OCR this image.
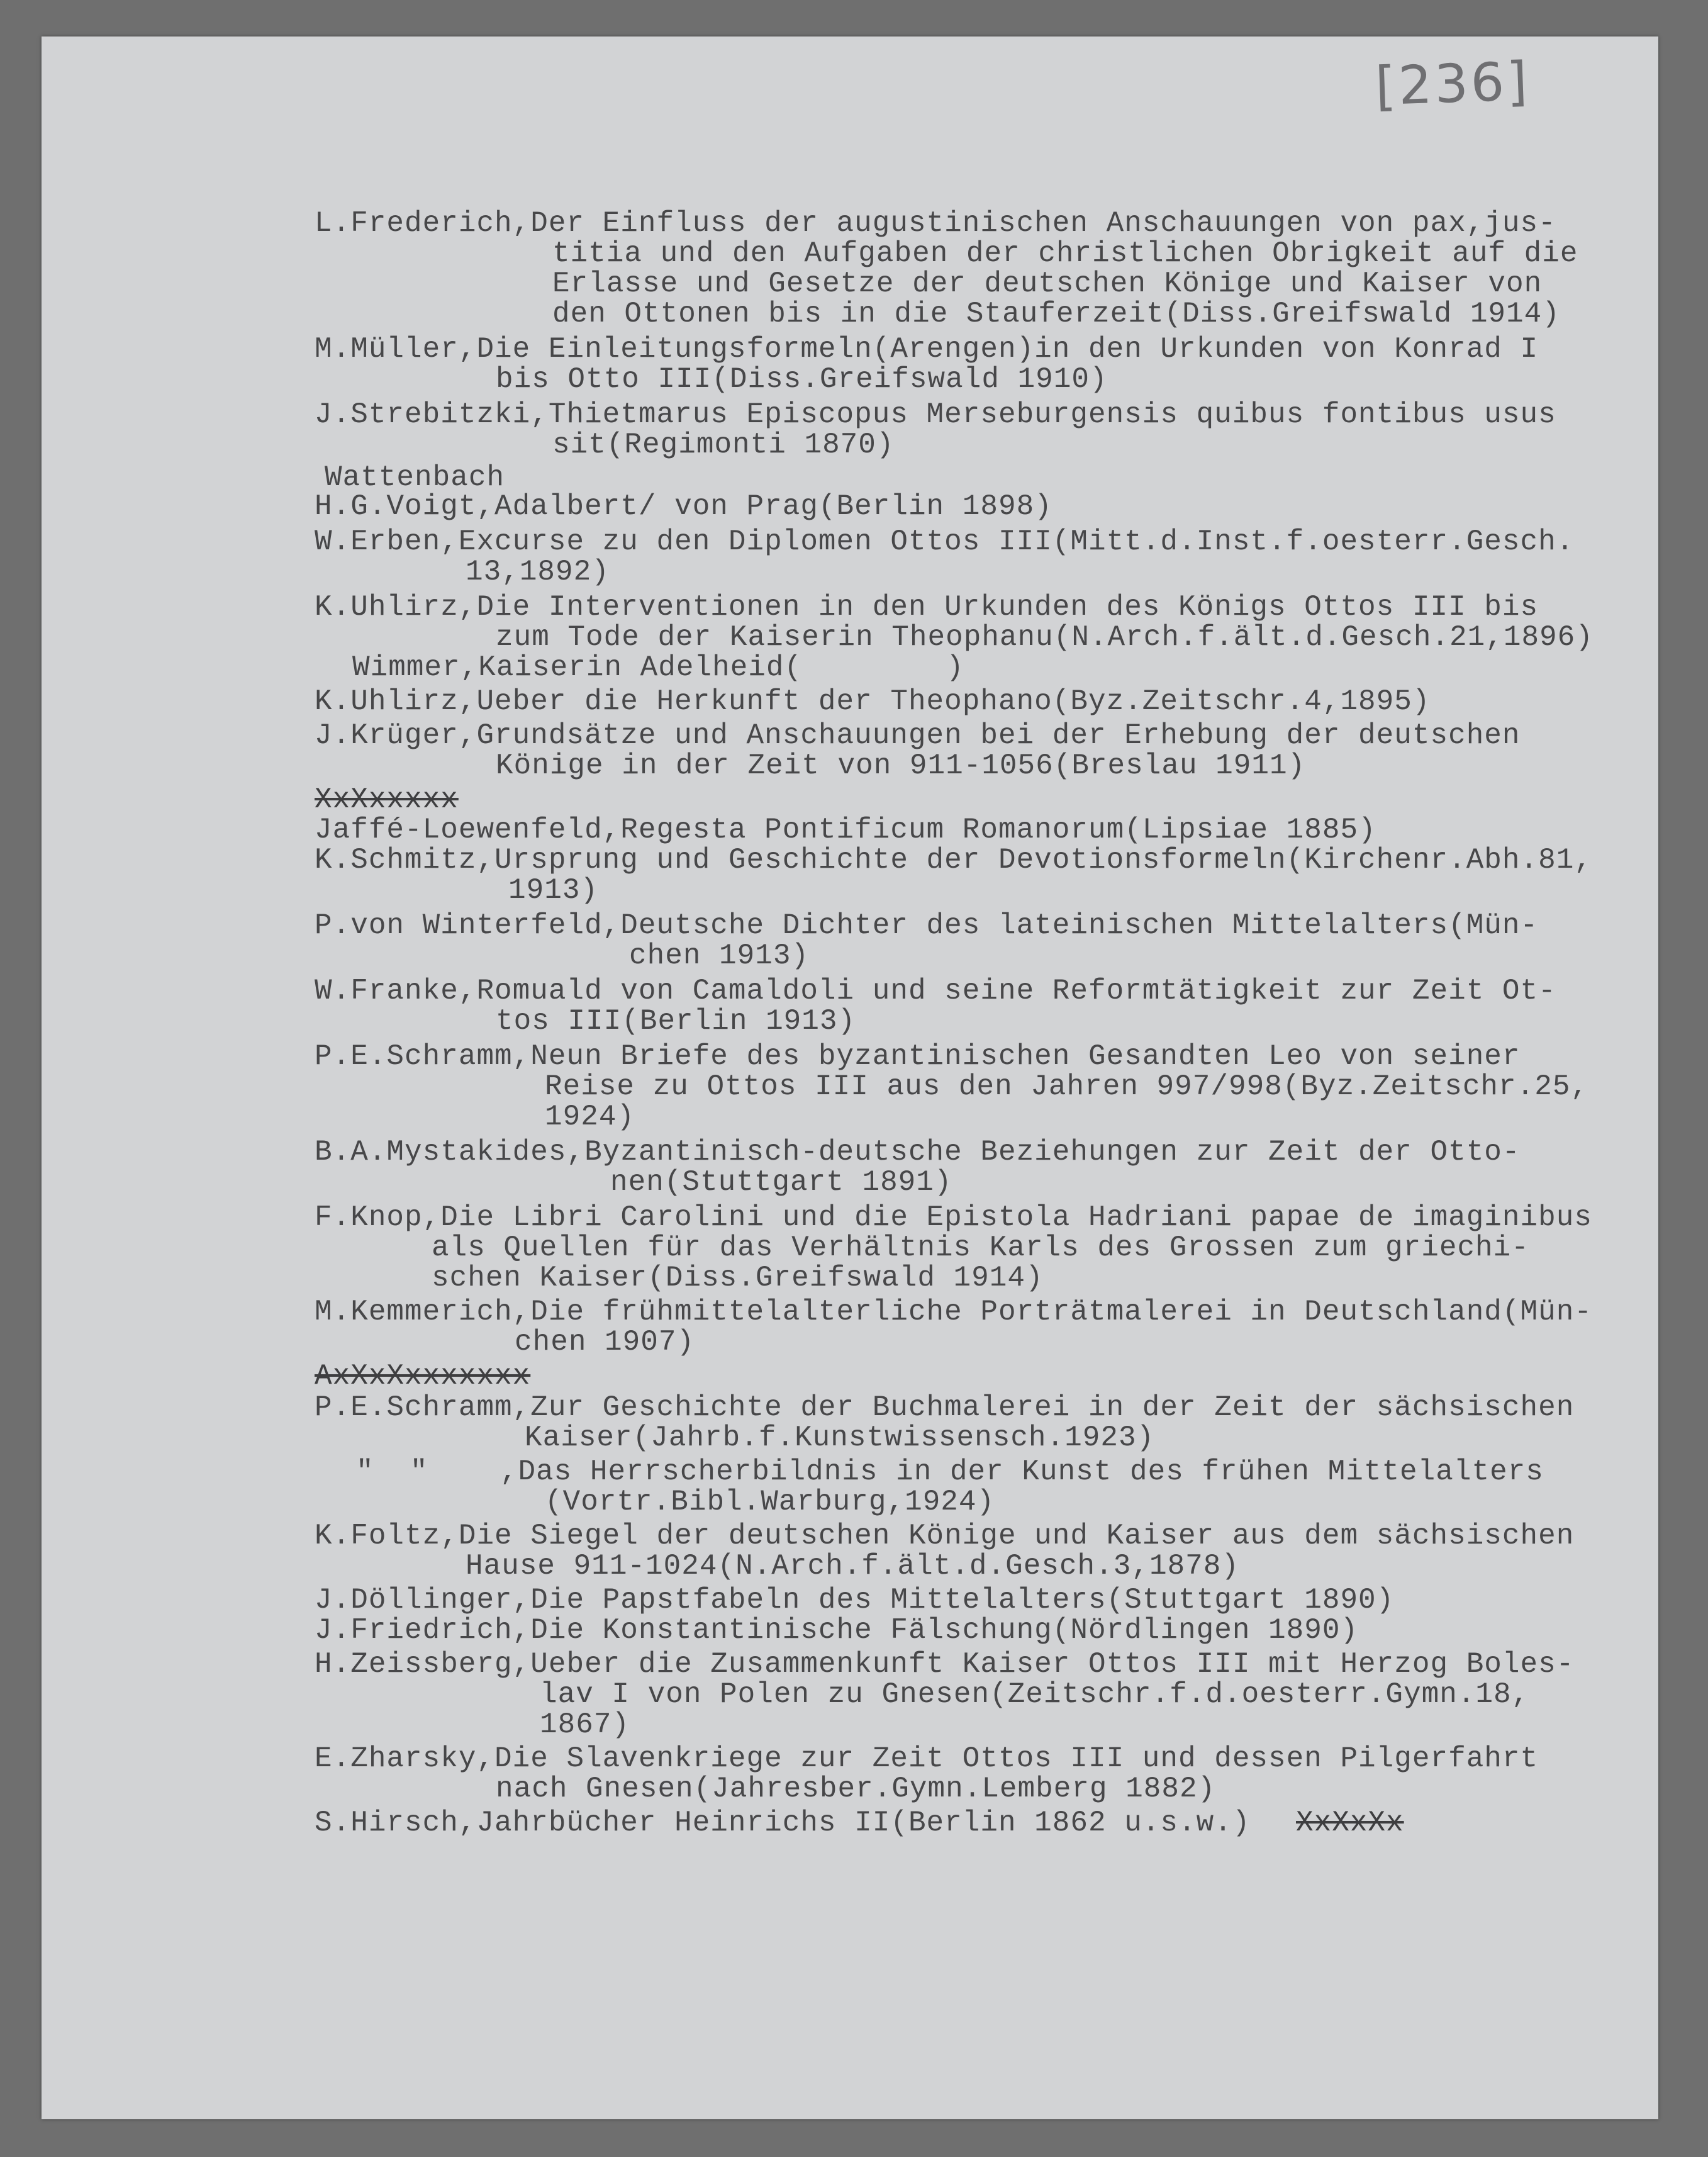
[236]
L.Frederich,Der Einfluss der augustinischen Anschauungen von pax,jus-
titia und den Aufgaben der christlichen Obrigkeit auf die
Erlasse und Gesetze der deutschen Könige und Kaiser von
den Ottonen bis in die Stauferzeit(Diss.Greifswald 1914)
M.Müller,Die Einleitungsformeln(Arengen)in den Urkunden von Konrad I
bis Otto III(Diss.Greifswald 1910)
J.Strebitzki,Thietmarus Episcopus Merseburgensis quibus fontibus usus
sit(Regimonti 1870)
Wattenbach
H.G.Voigt,Adalbert/ von Prag(Berlin 1898)
W.Erben,Excurse zu den Diplomen Ottos III(Mitt.d.Inst.f.oesterr.Gesch.
13,1892)
K.Uhlirz,Die Interventionen in den Urkunden des Königs Ottos III bis
zum Tode der Kaiserin Theophanu(N.Arch.f.ält.d.Gesch.21,1896)
Wimmer,Kaiserin Adelheid(        )
K.Uhlirz,Ueber die Herkunft der Theophano(Byz.Zeitschr.4,1895)
J.Krüger,Grundsätze und Anschauungen bei der Erhebung der deutschen
Könige in der Zeit von 911-1056(Breslau 1911)
XxXxxxxx
Jaffé-Loewenfeld,Regesta Pontificum Romanorum(Lipsiae 1885)
K.Schmitz,Ursprung und Geschichte der Devotionsformeln(Kirchenr.Abh.81,
1913)
P.von Winterfeld,Deutsche Dichter des lateinischen Mittelalters(Mün-
chen 1913)
W.Franke,Romuald von Camaldoli und seine Reformtätigkeit zur Zeit Ot-
tos III(Berlin 1913)
P.E.Schramm,Neun Briefe des byzantinischen Gesandten Leo von seiner
Reise zu Ottos III aus den Jahren 997/998(Byz.Zeitschr.25,
1924)
B.A.Mystakides,Byzantinisch-deutsche Beziehungen zur Zeit der Otto-
nen(Stuttgart 1891)
F.Knop,Die Libri Carolini und die Epistola Hadriani papae de imaginibus
als Quellen für das Verhältnis Karls des Grossen zum griechi-
schen Kaiser(Diss.Greifswald 1914)
M.Kemmerich,Die frühmittelalterliche Porträtmalerei in Deutschland(Mün-
chen 1907)
AxXxXxxxxxxx
P.E.Schramm,Zur Geschichte der Buchmalerei in der Zeit der sächsischen
Kaiser(Jahrb.f.Kunstwissensch.1923)
"  "    ,Das Herrscherbildnis in der Kunst des frühen Mittelalters
(Vortr.Bibl.Warburg,1924)
K.Foltz,Die Siegel der deutschen Könige und Kaiser aus dem sächsischen
Hause 911-1024(N.Arch.f.ält.d.Gesch.3,1878)
J.Döllinger,Die Papstfabeln des Mittelalters(Stuttgart 1890)
J.Friedrich,Die Konstantinische Fälschung(Nördlingen 1890)
H.Zeissberg,Ueber die Zusammenkunft Kaiser Ottos III mit Herzog Boles-
lav I von Polen zu Gnesen(Zeitschr.f.d.oesterr.Gymn.18,
1867)
E.Zharsky,Die Slavenkriege zur Zeit Ottos III und dessen Pilgerfahrt
nach Gnesen(Jahresber.Gymn.Lemberg 1882)
S.Hirsch,Jahrbücher Heinrichs II(Berlin 1862 u.s.w.) XxXxXx
